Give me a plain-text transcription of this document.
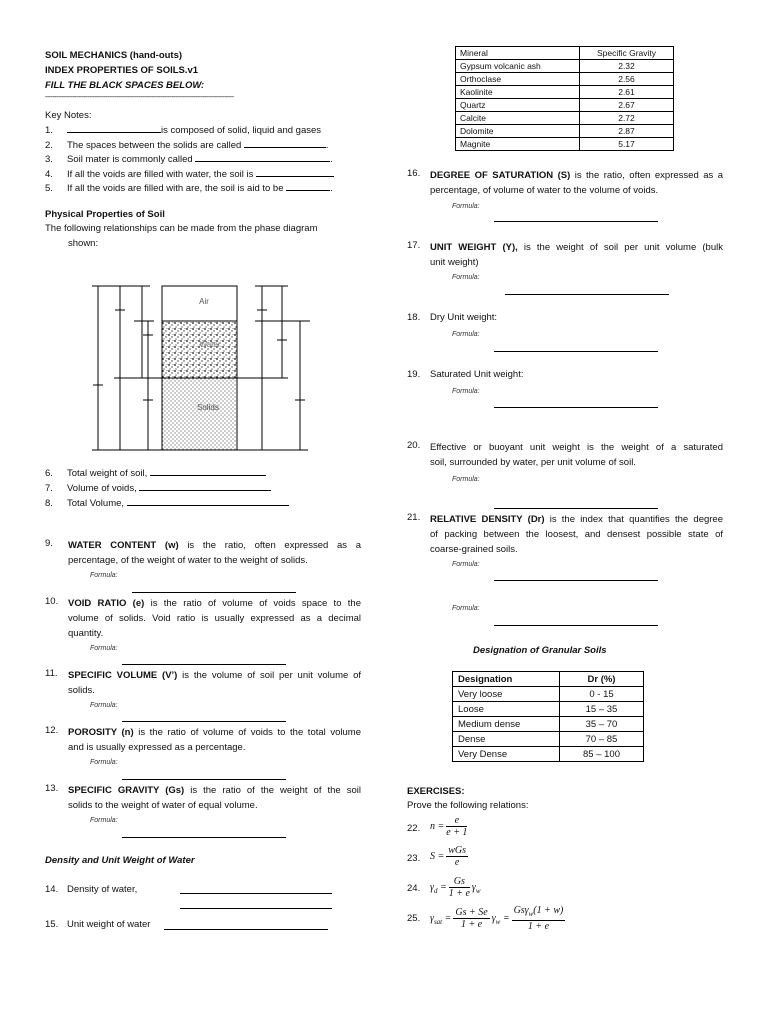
SOIL MECHANICS (hand-outs)
INDEX PROPERTIES OF SOILS.v1
FILL THE BLACK SPACES BELOW:
-------------------------------------------------------------------------------------------------------
Key Notes:
1.	is composed of solid, liquid and gases
2. The spaces between the solids are called	.
3. Soil mater is commonly called	.
4. If all the voids are filled with water, the soil is
5. If all the voids are filled with are, the soil is aid to be	.
Physical Properties of Soil
The following relationships can be made from the phase diagram
shown:
Air
Water
Solids
6. Total weight of soil,
7. Volume of voids,
8. Total Volume,
9.	WATER CONTENT (w) is the ratio, often expressed as a
percentage, of the weight of water to the weight of solids.
Formula:
10.	VOID RATIO (e) is the ratio of volume of voids space to the
volume of solids. Void ratio is usually expressed as a decimal
quantity.
Formula:
11.	SPECIFIC VOLUME (V’) is the volume of soil per unit volume of
solids.
Formula:
12.	POROSITY (n) is the ratio of volume of voids to the total volume
and is usually expressed as a percentage.
Formula:
13.	SPECIFIC GRAVITY (Gs) is the ratio of the weight of the soil
solids to the weight of water of equal volume.
Formula:
Density and Unit Weight of Water
14. Density of water,
15. Unit weight of water
Mineral	Specific Gravity
Gypsum volcanic ash	2.32
Orthoclase	2.56
Kaolinite	2.61
Quartz	2.67
Calcite	2.72
Dolomite	2.87
Magnite	5.17
16.	DEGREE OF SATURATION (S) is the ratio, often expressed as a
percentage, of volume of water to the volume of voids.
Formula:
17.	UNIT WEIGHT (Υ), is the weight of soil per unit volume (bulk
unit weight)
Formula:
18. Dry Unit weight:
Formula:
19. Saturated Unit weight:
Formula:
20.	Effective or buoyant unit weight is the weight of a saturated
soil, surrounded by water, per unit volume of soil.
Formula:
21.	RELATIVE DENSITY (Dr) is the index that quantifies the degree
of packing between the loosest, and densest possible state of
coarse-grained soils.
Formula:
Formula:
Designation of Granular Soils
Designation	Dr (%)
Very loose	0 - 15
Loose	15 – 35
Medium dense	35 – 70
Dense	70 – 85
Very Dense	85 – 100
EXERCISES:
Prove the following relations:
22. $n = \frac{e}{e + 1}$
23. $S = \frac{\text{wGs}}{e}$
24. $\gamma_d = \frac{Gs}{1 + e} \gamma_w$
25. $\gamma_{sat} = \frac{Gs + Se}{1 + e} \gamma_w = \frac{Gs\gamma_w(1 + w)}{1 + e}$
